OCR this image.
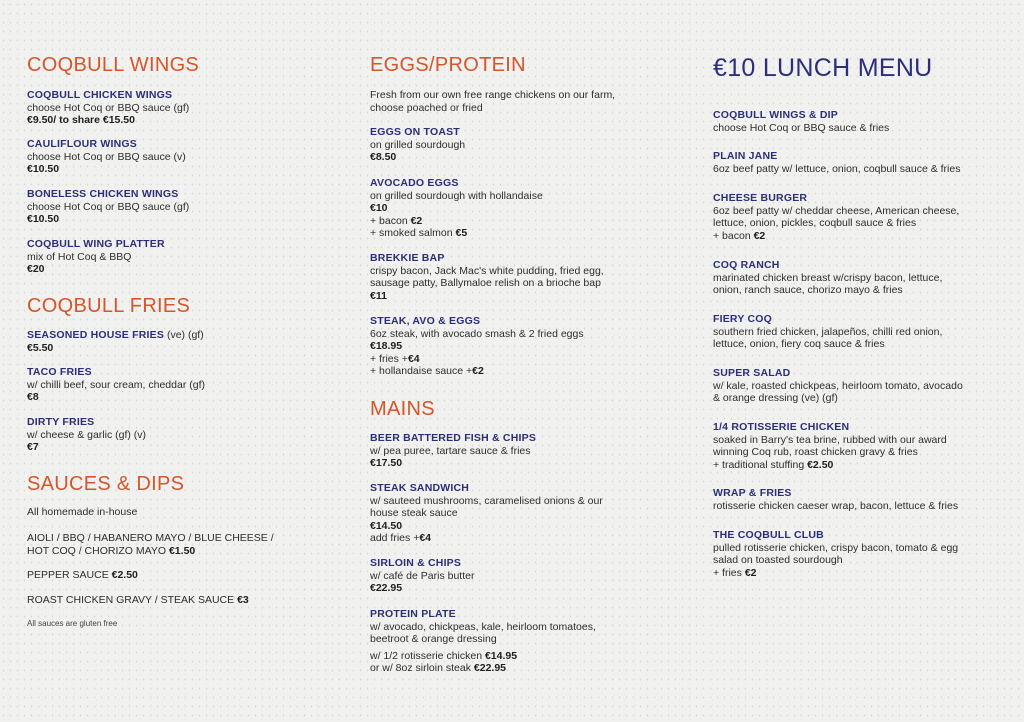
COQBULL WINGS
COQBULL CHICKEN WINGS
choose Hot Coq or BBQ sauce (gf)
€9.50/ to share €15.50
CAULIFLOUR WINGS
choose Hot Coq or BBQ sauce (v)
€10.50
BONELESS CHICKEN WINGS
choose Hot Coq or BBQ sauce (gf)
€10.50
COQBULL WING PLATTER
mix of Hot Coq & BBQ
€20
COQBULL FRIES
SEASONED HOUSE FRIES (ve) (gf)
€5.50
TACO FRIES
w/ chilli beef, sour cream, cheddar (gf)
€8
DIRTY FRIES
w/ cheese & garlic (gf) (v)
€7
SAUCES & DIPS
All homemade in-house
AIOLI / BBQ / HABANERO MAYO / BLUE CHEESE /
HOT COQ / CHORIZO MAYO €1.50
PEPPER SAUCE €2.50
ROAST CHICKEN GRAVY / STEAK SAUCE €3
All sauces are gluten free
EGGS/PROTEIN
Fresh from our own free range chickens on our farm,
choose poached or fried
EGGS ON TOAST
on grilled sourdough
€8.50
AVOCADO EGGS
on grilled sourdough with hollandaise
€10
+ bacon €2
+ smoked salmon €5
BREKKIE BAP
crispy bacon, Jack Mac's white pudding, fried egg,
sausage patty, Ballymaloe relish on a brioche bap
€11
STEAK, AVO & EGGS
6oz steak, with avocado smash & 2 fried eggs
€18.95
+ fries +€4
+ hollandaise sauce +€2
MAINS
BEER BATTERED FISH & CHIPS
w/ pea puree, tartare sauce & fries
€17.50
STEAK SANDWICH
w/ sauteed mushrooms, caramelised onions & our
house steak sauce
€14.50
add fries +€4
SIRLOIN & CHIPS
w/ café de Paris butter
€22.95
PROTEIN PLATE
w/ avocado, chickpeas, kale, heirloom tomatoes,
beetroot & orange dressing
w/ 1/2 rotisserie chicken €14.95
or w/ 8oz sirloin steak €22.95
€10 LUNCH MENU
COQBULL WINGS & DIP
choose Hot Coq or BBQ sauce & fries
PLAIN JANE
6oz beef patty w/ lettuce, onion, coqbull sauce & fries
CHEESE BURGER
6oz beef patty w/ cheddar cheese, American cheese,
lettuce, onion, pickles, coqbull sauce & fries
+ bacon €2
COQ RANCH
marinated chicken breast w/crispy bacon, lettuce,
onion, ranch sauce, chorizo mayo & fries
FIERY COQ
southern fried chicken, jalapeños, chilli red onion,
lettuce, onion, fiery coq sauce & fries
SUPER SALAD
w/ kale, roasted chickpeas, heirloom tomato, avocado
& orange dressing (ve) (gf)
1/4 ROTISSERIE CHICKEN
soaked in Barry's tea brine, rubbed with our award
winning Coq rub, roast chicken gravy & fries
+ traditional stuffing €2.50
WRAP & FRIES
rotisserie chicken caeser wrap, bacon, lettuce & fries
THE COQBULL CLUB
pulled rotisserie chicken, crispy bacon, tomato & egg
salad on toasted sourdough
+ fries €2
